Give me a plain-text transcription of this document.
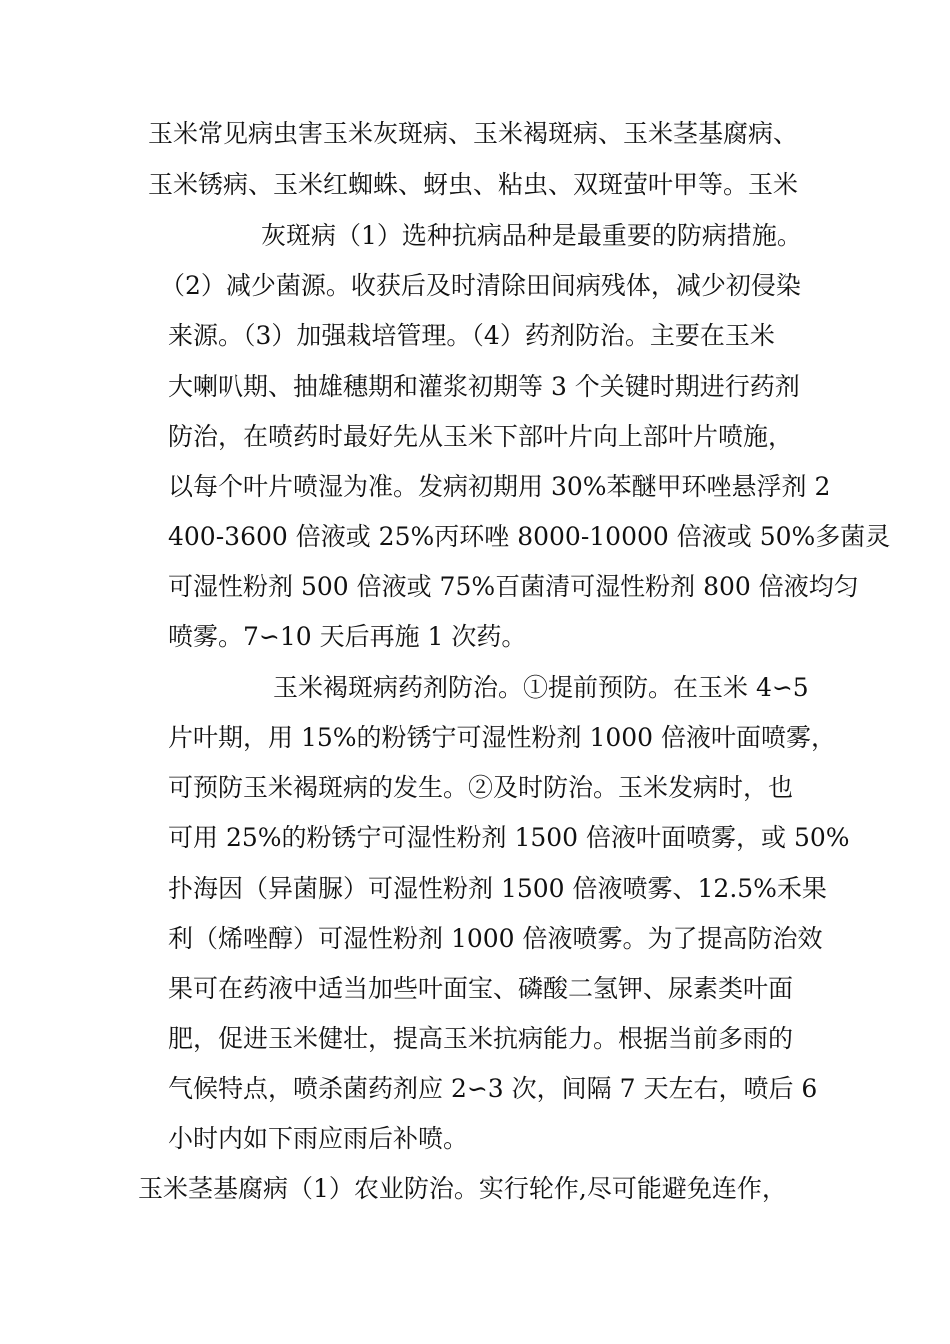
玉米常见病虫害玉米灰斑病、玉米褐斑病、玉米茎基腐病、
玉米锈病、玉米红蜘蛛、蚜虫、粘虫、双斑萤叶甲等。玉米
灰斑病（1）选种抗病品种是最重要的防病措施。
（2）减少菌源。收获后及时清除田间病残体，减少初侵染
来源。（3）加强栽培管理。（4）药剂防治。主要在玉米
大喇叭期、抽雄穗期和灌浆初期等 3 个关键时期进行药剂
防治，在喷药时最好先从玉米下部叶片向上部叶片喷施，
以每个叶片喷湿为准。发病初期用 30%苯醚甲环唑悬浮剂 2
400-3600 倍液或 25%丙环唑 8000-10000 倍液或 50%多菌灵
可湿性粉剂 500 倍液或 75%百菌清可湿性粉剂 800 倍液均匀
喷雾。7∽10 天后再施 1 次药。
玉米褐斑病药剂防治。①提前预防。在玉米 4∽5
片叶期，用 15%的粉锈宁可湿性粉剂 1000 倍液叶面喷雾，
可预防玉米褐斑病的发生。②及时防治。玉米发病时，也
可用 25%的粉锈宁可湿性粉剂 1500 倍液叶面喷雾，或 50%
扑海因（异菌脲）可湿性粉剂 1500 倍液喷雾、12.5%禾果
利（烯唑醇）可湿性粉剂 1000 倍液喷雾。为了提高防治效
果可在药液中适当加些叶面宝、磷酸二氢钾、尿素类叶面
肥，促进玉米健壮，提高玉米抗病能力。根据当前多雨的
气候特点，喷杀菌药剂应 2∽3 次，间隔 7 天左右，喷后 6
小时内如下雨应雨后补喷。
玉米茎基腐病（1）农业防治。实行轮作,尽可能避免连作，
